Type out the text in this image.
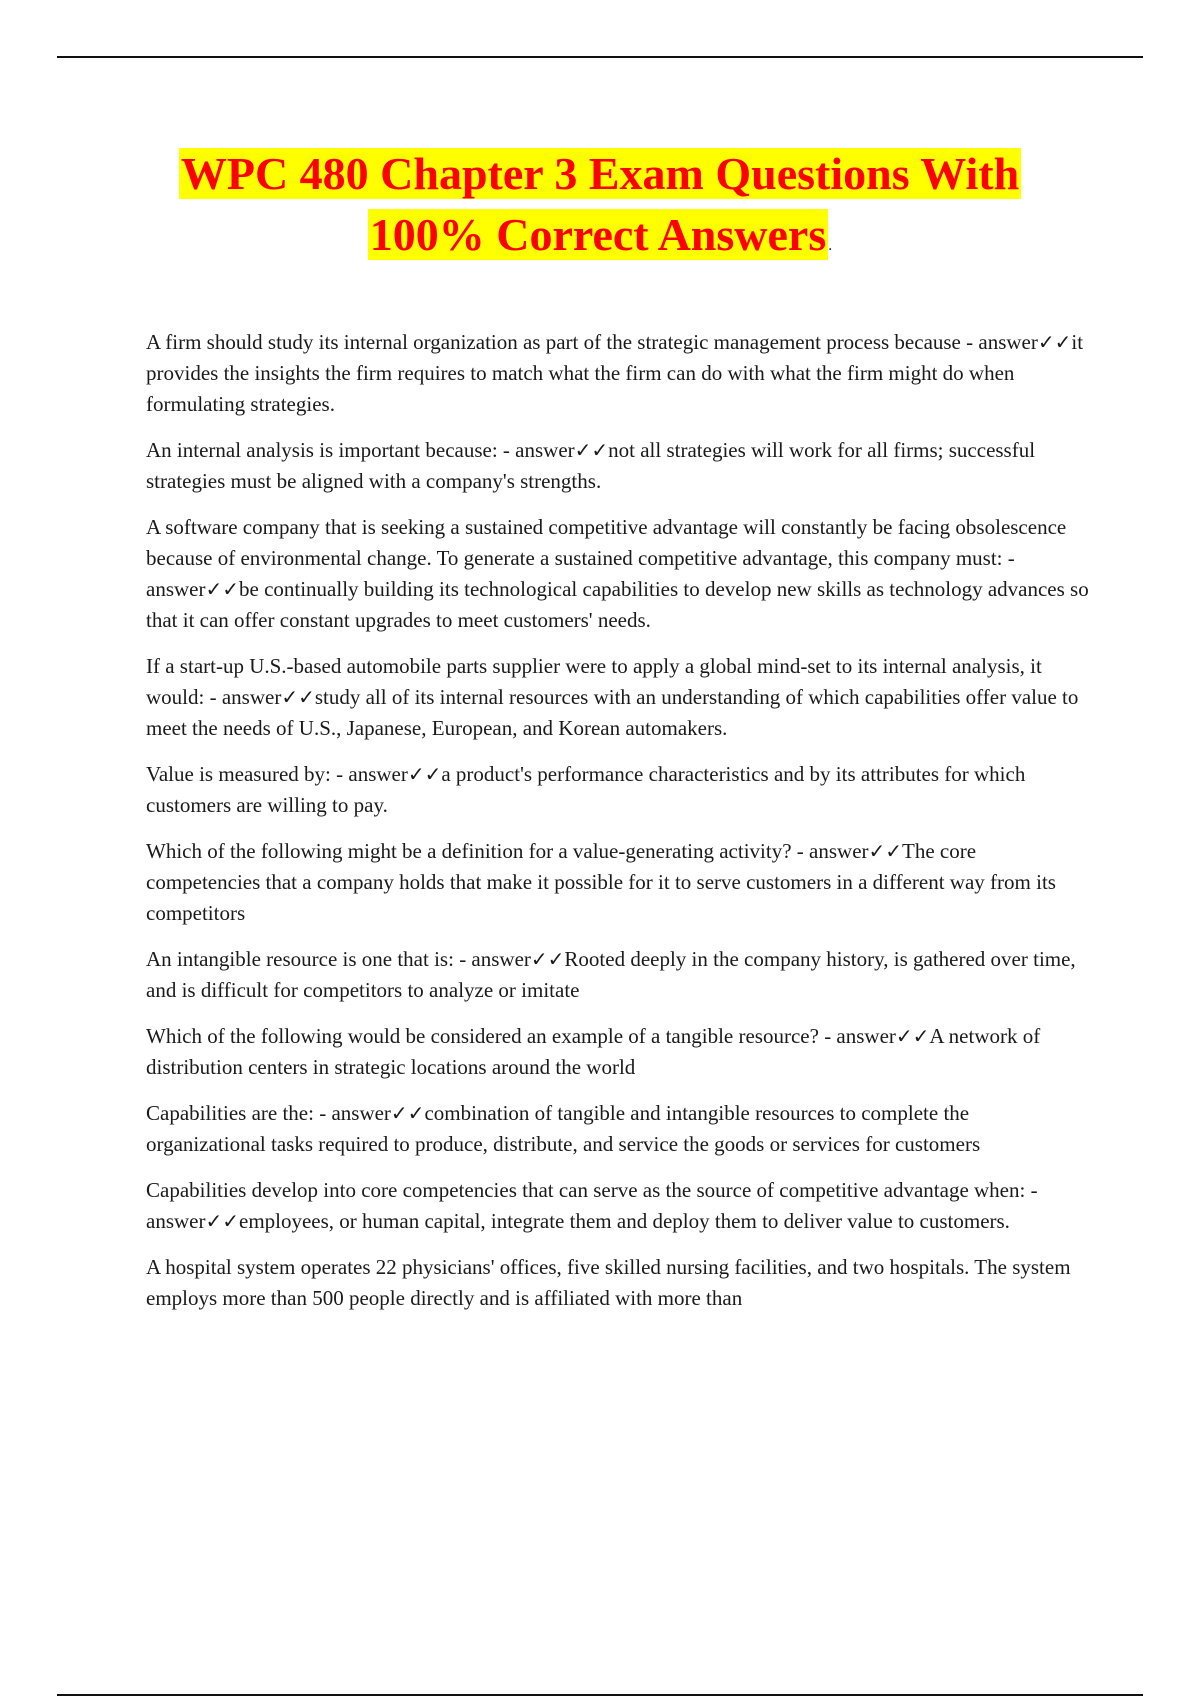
WPC 480 Chapter 3 Exam Questions With
100% Correct Answers .

A firm should study its internal organization as part of the strategic management process because - answer✓✓it provides the insights the firm requires to match what the firm can do with what the firm might do when formulating strategies.

An internal analysis is important because: - answer✓✓not all strategies will work for all firms; successful strategies must be aligned with a company's strengths.

A software company that is seeking a sustained competitive advantage will constantly be facing obsolescence because of environmental change. To generate a sustained competitive advantage, this company must: - answer✓✓be continually building its technological capabilities to develop new skills as technology advances so that it can offer constant upgrades to meet customers' needs.

If a start-up U.S.-based automobile parts supplier were to apply a global mind-set to its internal analysis, it would: - answer✓✓study all of its internal resources with an understanding of which capabilities offer value to meet the needs of U.S., Japanese, European, and Korean automakers.

Value is measured by: - answer✓✓a product's performance characteristics and by its attributes for which customers are willing to pay.

Which of the following might be a definition for a value-generating activity? - answer✓✓The core competencies that a company holds that make it possible for it to serve customers in a different way from its competitors

An intangible resource is one that is: - answer✓✓Rooted deeply in the company history, is gathered over time, and is difficult for competitors to analyze or imitate

Which of the following would be considered an example of a tangible resource? - answer✓✓A network of distribution centers in strategic locations around the world

Capabilities are the: - answer✓✓combination of tangible and intangible resources to complete the organizational tasks required to produce, distribute, and service the goods or services for customers

Capabilities develop into core competencies that can serve as the source of competitive advantage when: - answer✓✓employees, or human capital, integrate them and deploy them to deliver value to customers.

A hospital system operates 22 physicians' offices, five skilled nursing facilities, and two hospitals. The system employs more than 500 people directly and is affiliated with more than
